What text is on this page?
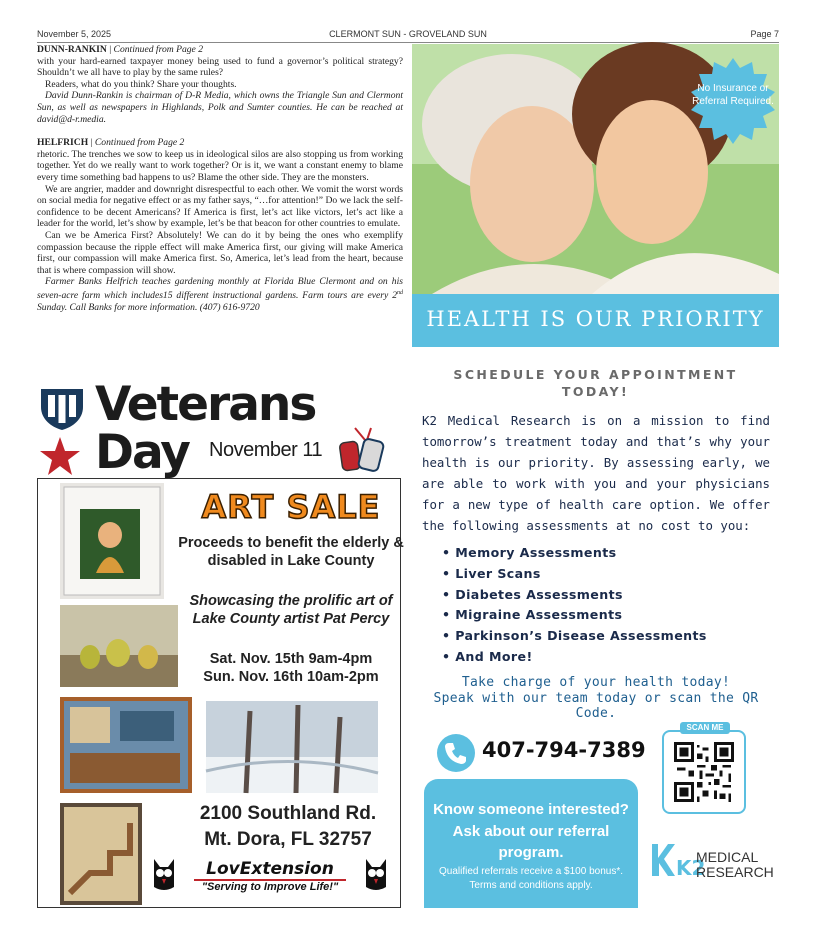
November 5, 2025	CLERMONT SUN - GROVELAND SUN	Page 7

DUNN-RANKIN | Continued from Page 2

with your hard-earned taxpayer money being used to fund a governor’s political strategy? Shouldn’t we all have to play by the same rules?

Readers, what do you think? Share your thoughts.

David Dunn-Rankin is chairman of D-R Media, which owns the Triangle Sun and Clermont Sun, as well as newspapers in Highlands, Polk and Sumter counties. He can be reached at david@d-r.media.

HELFRICH | Continued from Page 2

rhetoric. The trenches we sow to keep us in ideological silos are also stopping us from working together. Yet do we really want to work together? Or is it, we want a constant enemy to blame every time something bad happens to us? Blame the other side. They are the monsters.

We are angrier, madder and downright disrespectful to each other. We vomit the worst words on social media for negative effect or as my father says, “…for attention!” Do we lack the self-confidence to be decent Americans? If America is first, let’s act like victors, let’s act like a leader for the world, let’s show by example, let’s be that beacon for other countries to emulate.

Can we be America First? Absolutely! We can do it by being the ones who exemplify compassion because the ripple effect will make America first, our giving will make America first, our compassion will make America first. So, America, let’s lead from the heart, because that is where compassion will show.

Farmer Banks Helfrich teaches gardening monthly at Florida Blue Clermont and on his seven-acre farm which includes15 different instructional gardens. Farm tours are every 2nd Sunday. Call Banks for more information. (407) 616-9720

Veterans
Day November 11
ART SALE
Proceeds to benefit the elderly & disabled in Lake County
Showcasing the prolific art of Lake County artist Pat Percy
Sat. Nov. 15th 9am-4pm
Sun. Nov. 16th 10am-2pm
2100 Southland Rd.
Mt. Dora, FL 32757
LovExtension
"Serving to Improve Life!"
No Insurance or Referral Required.
HEALTH IS OUR PRIORITY
SCHEDULE YOUR APPOINTMENT TODAY!
K2 Medical Research is on a mission to find tomorrow’s treatment today and that’s why your health is our priority. By assessing early, we are able to work with you and your physicians for a new type of health care option. We offer the following assessments at no cost to you:
• Memory Assessments
• Liver Scans
• Diabetes Assessments
• Migraine Assessments
• Parkinson’s Disease Assessments
• And More!
Take charge of your health today!
Speak with our team today or scan the QR Code.
407-794-7389
SCAN ME
Know someone interested? Ask about our referral program.
Qualified referrals receive a $100 bonus*. Terms and conditions apply.
K2
MEDICAL
RESEARCH
